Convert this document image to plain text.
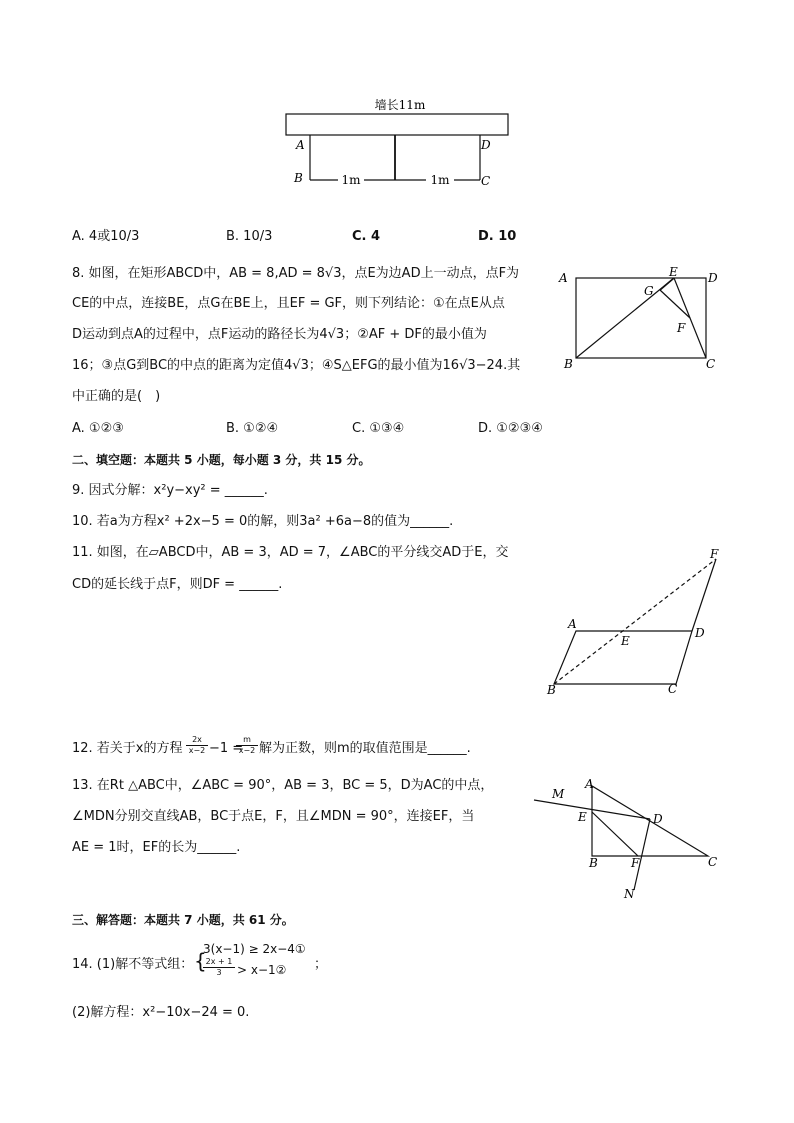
墙长11m
1m	1m
A
B
D
C
A. 4或10/3	B. 10/3	C. 4	D. 10
8. 如图，在矩形ABCD中，AB = 8,AD = 8√3，点E为边AD上一动点，点F为
CE的中点，连接BE，点G在BE上，且EF = GF，则下列结论：①在点E从点
D运动到点A的过程中，点F运动的路径长为4√3；②AF + DF的最小值为
16；③点G到BC的中点的距离为定值4√3；④S△EFG的最小值为16√3−24.其
中正确的是(　)
A	E	D
G
F
B	C
A. ①②③	B. ①②④	C. ①③④	D. ①②③④
二、填空题：本题共 5 小题，每小题 3 分，共 15 分。
9. 因式分解：x²y−xy² = ______.
10. 若a为方程x² +2x−5 = 0的解，则3a² +6a−8的值为______.
11. 如图，在▱ABCD中，AB = 3，AD = 7，∠ABC的平分线交AD于E，交
CD的延长线于点F，则DF = ______.
A
D
E
F
B	C
12. 若关于x的方程 $\frac{2x}{x-2} -1$ =
$\frac{m}{x-2}$ 解为正数，则m的取值范围是______.
13. 在Rt △ABC中，∠ABC = 90°，AB = 3，BC = 5，D为AC的中点，
∠MDN分别交直线AB，BC于点E，F，且∠MDN = 90°，连接EF，当
AE = 1时，EF的长为______.
A
M
E	D
B	F	C
N
三、解答题：本题共 7 小题，共 61 分。
14. (1)解不等式组： {
3(x−1) ≥ 2x−4①
$\frac{2x + 1}{3}$ > x−1② ；
(2)解方程：x²−10x−24 = 0.
